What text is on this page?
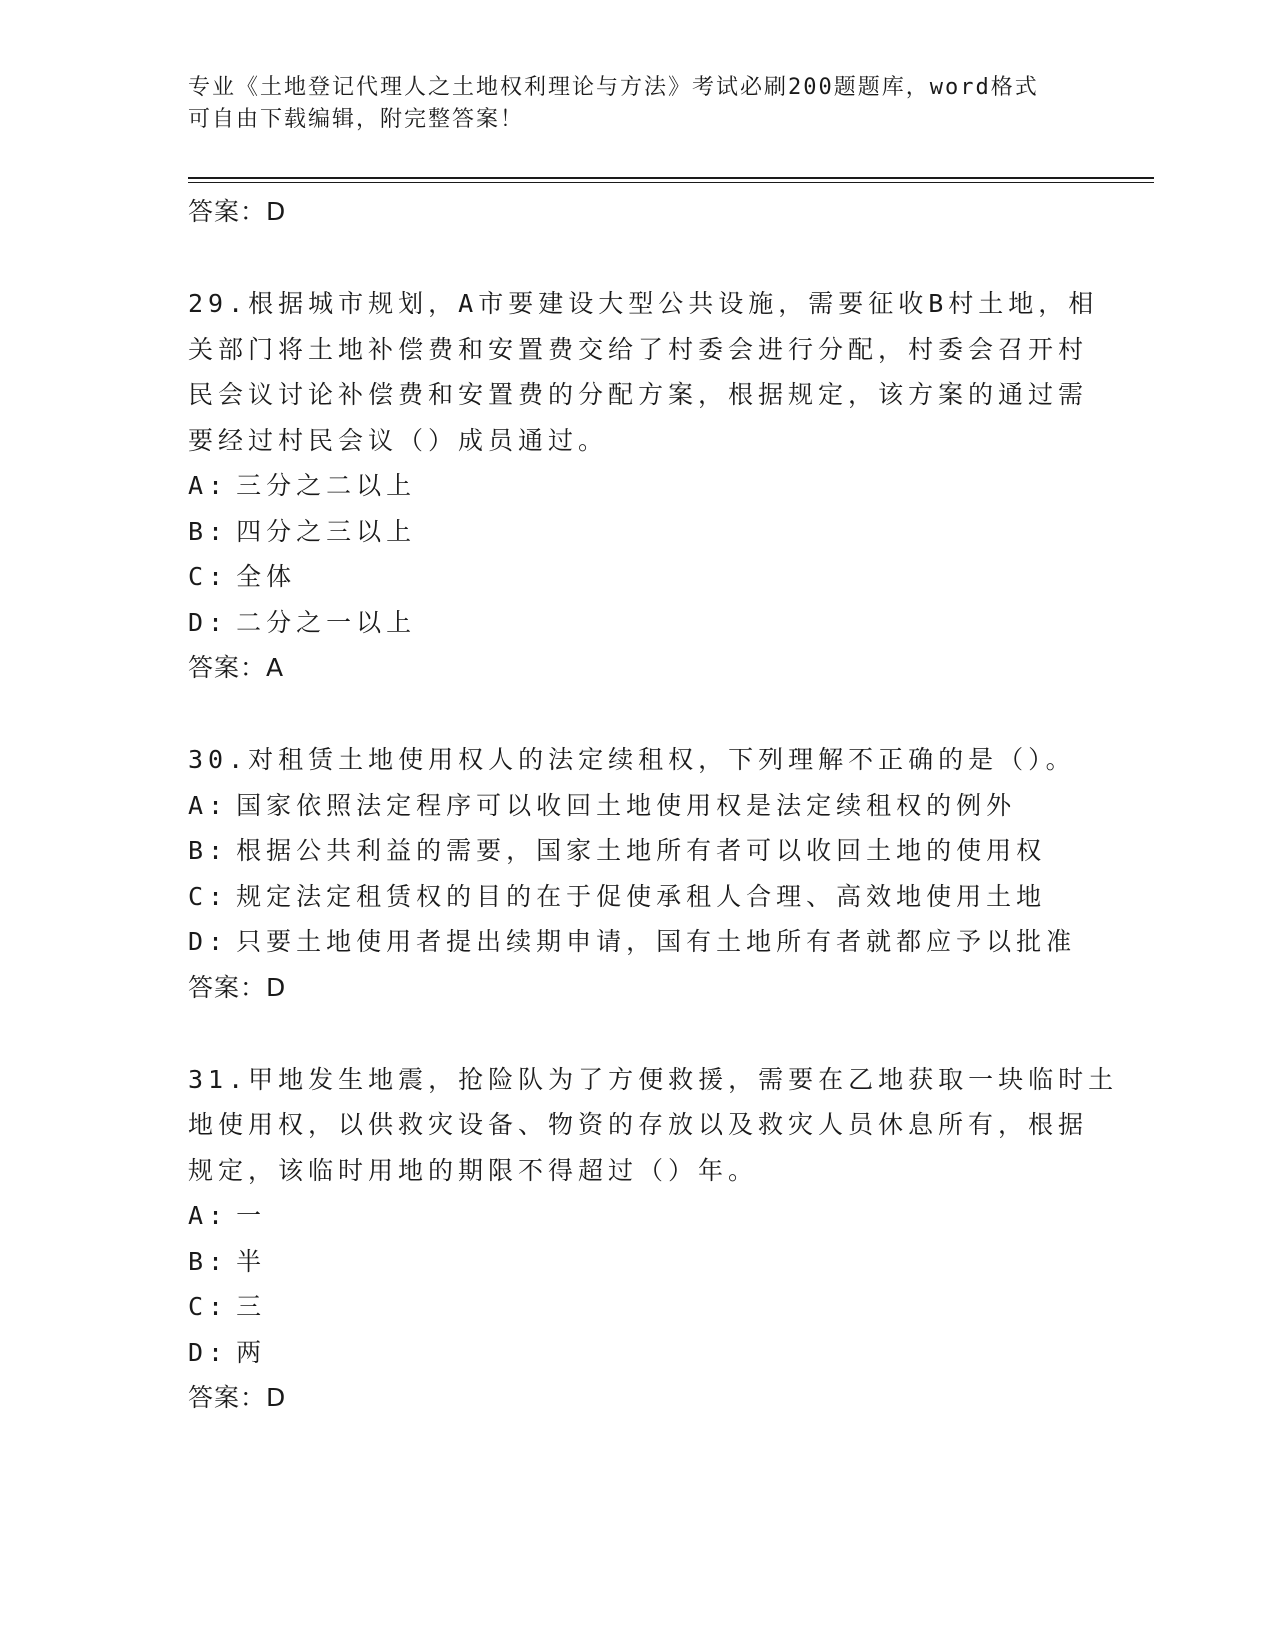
专业《土地登记代理人之土地权利理论与方法》考试必刷200题题库，word格式
可自由下载编辑，附完整答案！
答案：D
29.根据城市规划，A市要建设大型公共设施，需要征收B村土地，相
关部门将土地补偿费和安置费交给了村委会进行分配，村委会召开村
民会议讨论补偿费和安置费的分配方案，根据规定，该方案的通过需
要经过村民会议（）成员通过。
A: 三分之二以上
B: 四分之三以上
C: 全体
D: 二分之一以上
答案：A
30.对租赁土地使用权人的法定续租权，下列理解不正确的是（）。
A: 国家依照法定程序可以收回土地使用权是法定续租权的例外
B: 根据公共利益的需要，国家土地所有者可以收回土地的使用权
C: 规定法定租赁权的目的在于促使承租人合理、高效地使用土地
D: 只要土地使用者提出续期申请，国有土地所有者就都应予以批准
答案：D
31.甲地发生地震，抢险队为了方便救援，需要在乙地获取一块临时土
地使用权，以供救灾设备、物资的存放以及救灾人员休息所有，根据
规定，该临时用地的期限不得超过（）年。
A: 一
B: 半
C: 三
D: 两
答案：D
